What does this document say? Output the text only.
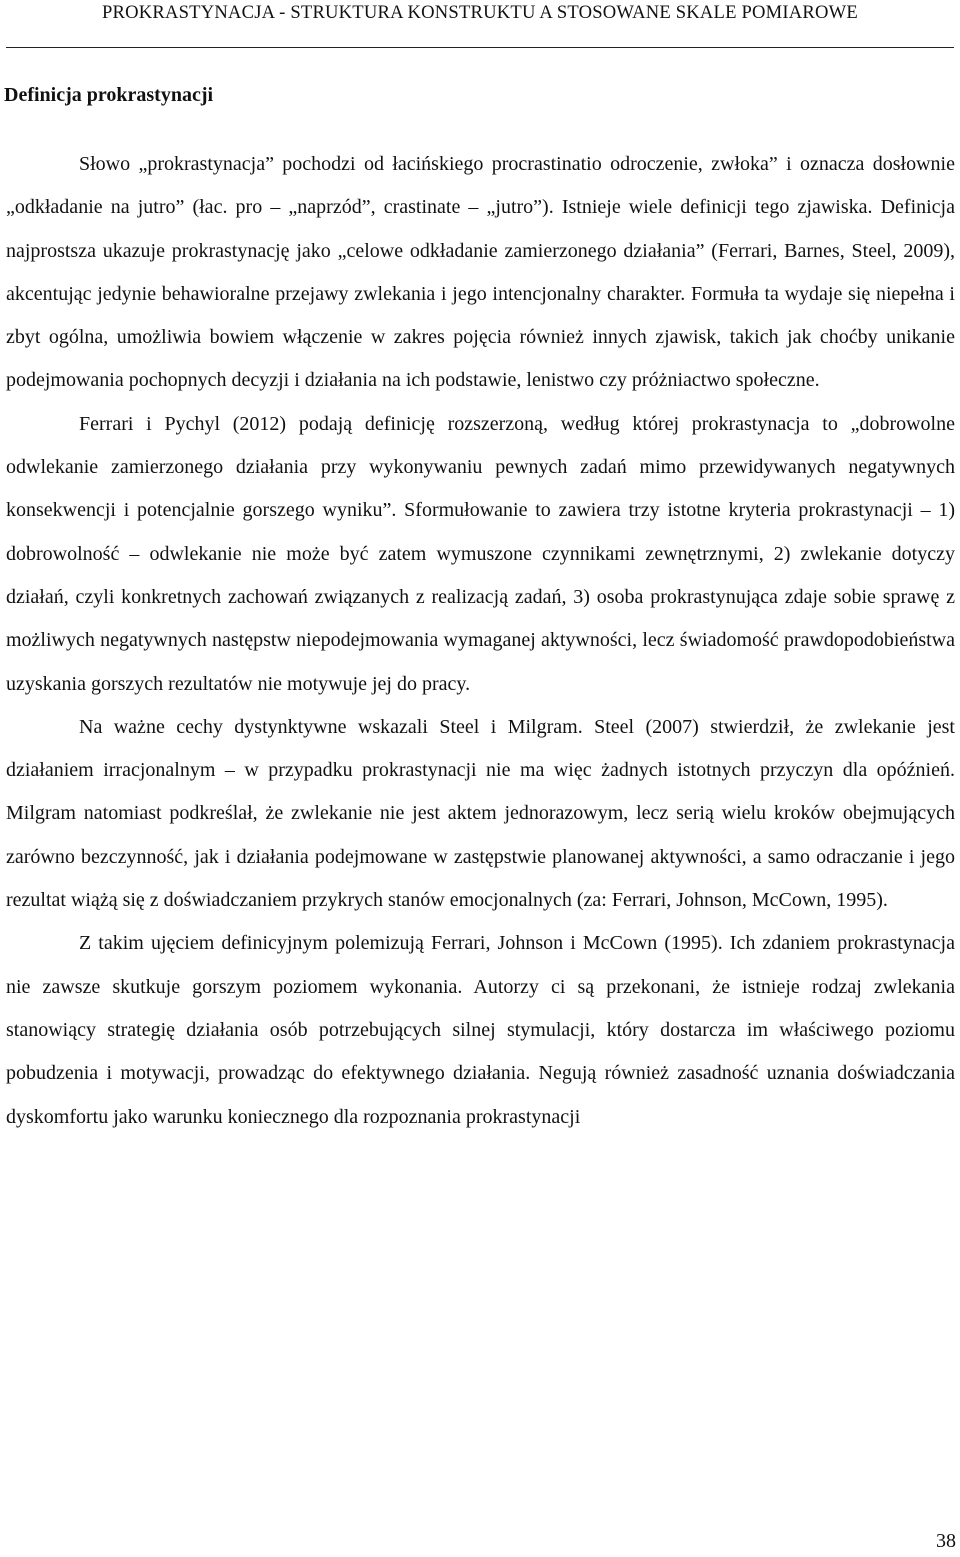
PROKRASTYNACJA - STRUKTURA KONSTRUKTU A STOSOWANE SKALE POMIAROWE
Definicja prokrastynacji

Słowo „prokrastynacja” pochodzi od łacińskiego procrastinatio odroczenie, zwłoka” i oznacza dosłownie „odkładanie na jutro” (łac. pro – „naprzód”, crastinate – „jutro”). Istnieje wiele definicji tego zjawiska. Definicja najprostsza ukazuje prokrastynację jako „celowe odkładanie zamierzonego działania” (Ferrari, Barnes, Steel, 2009), akcentując jedynie behawioralne przejawy zwlekania i jego intencjonalny charakter. Formuła ta wydaje się niepełna i zbyt ogólna, umożliwia bowiem włączenie w zakres pojęcia również innych zjawisk, takich jak choćby unikanie podejmowania pochopnych decyzji i działania na ich podstawie, lenistwo czy próżniactwo społeczne.

Ferrari i Pychyl (2012) podają definicję rozszerzoną, według której prokrastynacja to „dobrowolne odwlekanie zamierzonego działania przy wykonywaniu pewnych zadań mimo przewidywanych negatywnych konsekwencji i potencjalnie gorszego wyniku”. Sformułowanie to zawiera trzy istotne kryteria prokrastynacji – 1) dobrowolność – odwlekanie nie może być zatem wymuszone czynnikami zewnętrznymi, 2) zwlekanie dotyczy działań, czyli konkretnych zachowań związanych z realizacją zadań, 3) osoba prokrastynująca zdaje sobie sprawę z możliwych negatywnych następstw niepodejmowania wymaganej aktywności, lecz świadomość prawdopodobieństwa uzyskania gorszych rezultatów nie motywuje jej do pracy.

Na ważne cechy dystynktywne wskazali Steel i Milgram. Steel (2007) stwierdził, że zwlekanie jest działaniem irracjonalnym – w przypadku prokrastynacji nie ma więc żadnych istotnych przyczyn dla opóźnień. Milgram natomiast podkreślał, że zwlekanie nie jest aktem jednorazowym, lecz serią wielu kroków obejmujących zarówno bezczynność, jak i działania podejmowane w zastępstwie planowanej aktywności, a samo odraczanie i jego rezultat wiążą się z doświadczaniem przykrych stanów emocjonalnych (za: Ferrari, Johnson, McCown, 1995).

Z takim ujęciem definicyjnym polemizują Ferrari, Johnson i McCown (1995). Ich zdaniem prokrastynacja nie zawsze skutkuje gorszym poziomem wykonania. Autorzy ci są przekonani, że istnieje rodzaj zwlekania stanowiący strategię działania osób potrzebujących silnej stymulacji, który dostarcza im właściwego poziomu pobudzenia i motywacji, prowadząc do efektywnego działania. Negują również zasadność uznania doświadczania dyskomfortu jako warunku koniecznego dla rozpoznania prokrastynacji

38
